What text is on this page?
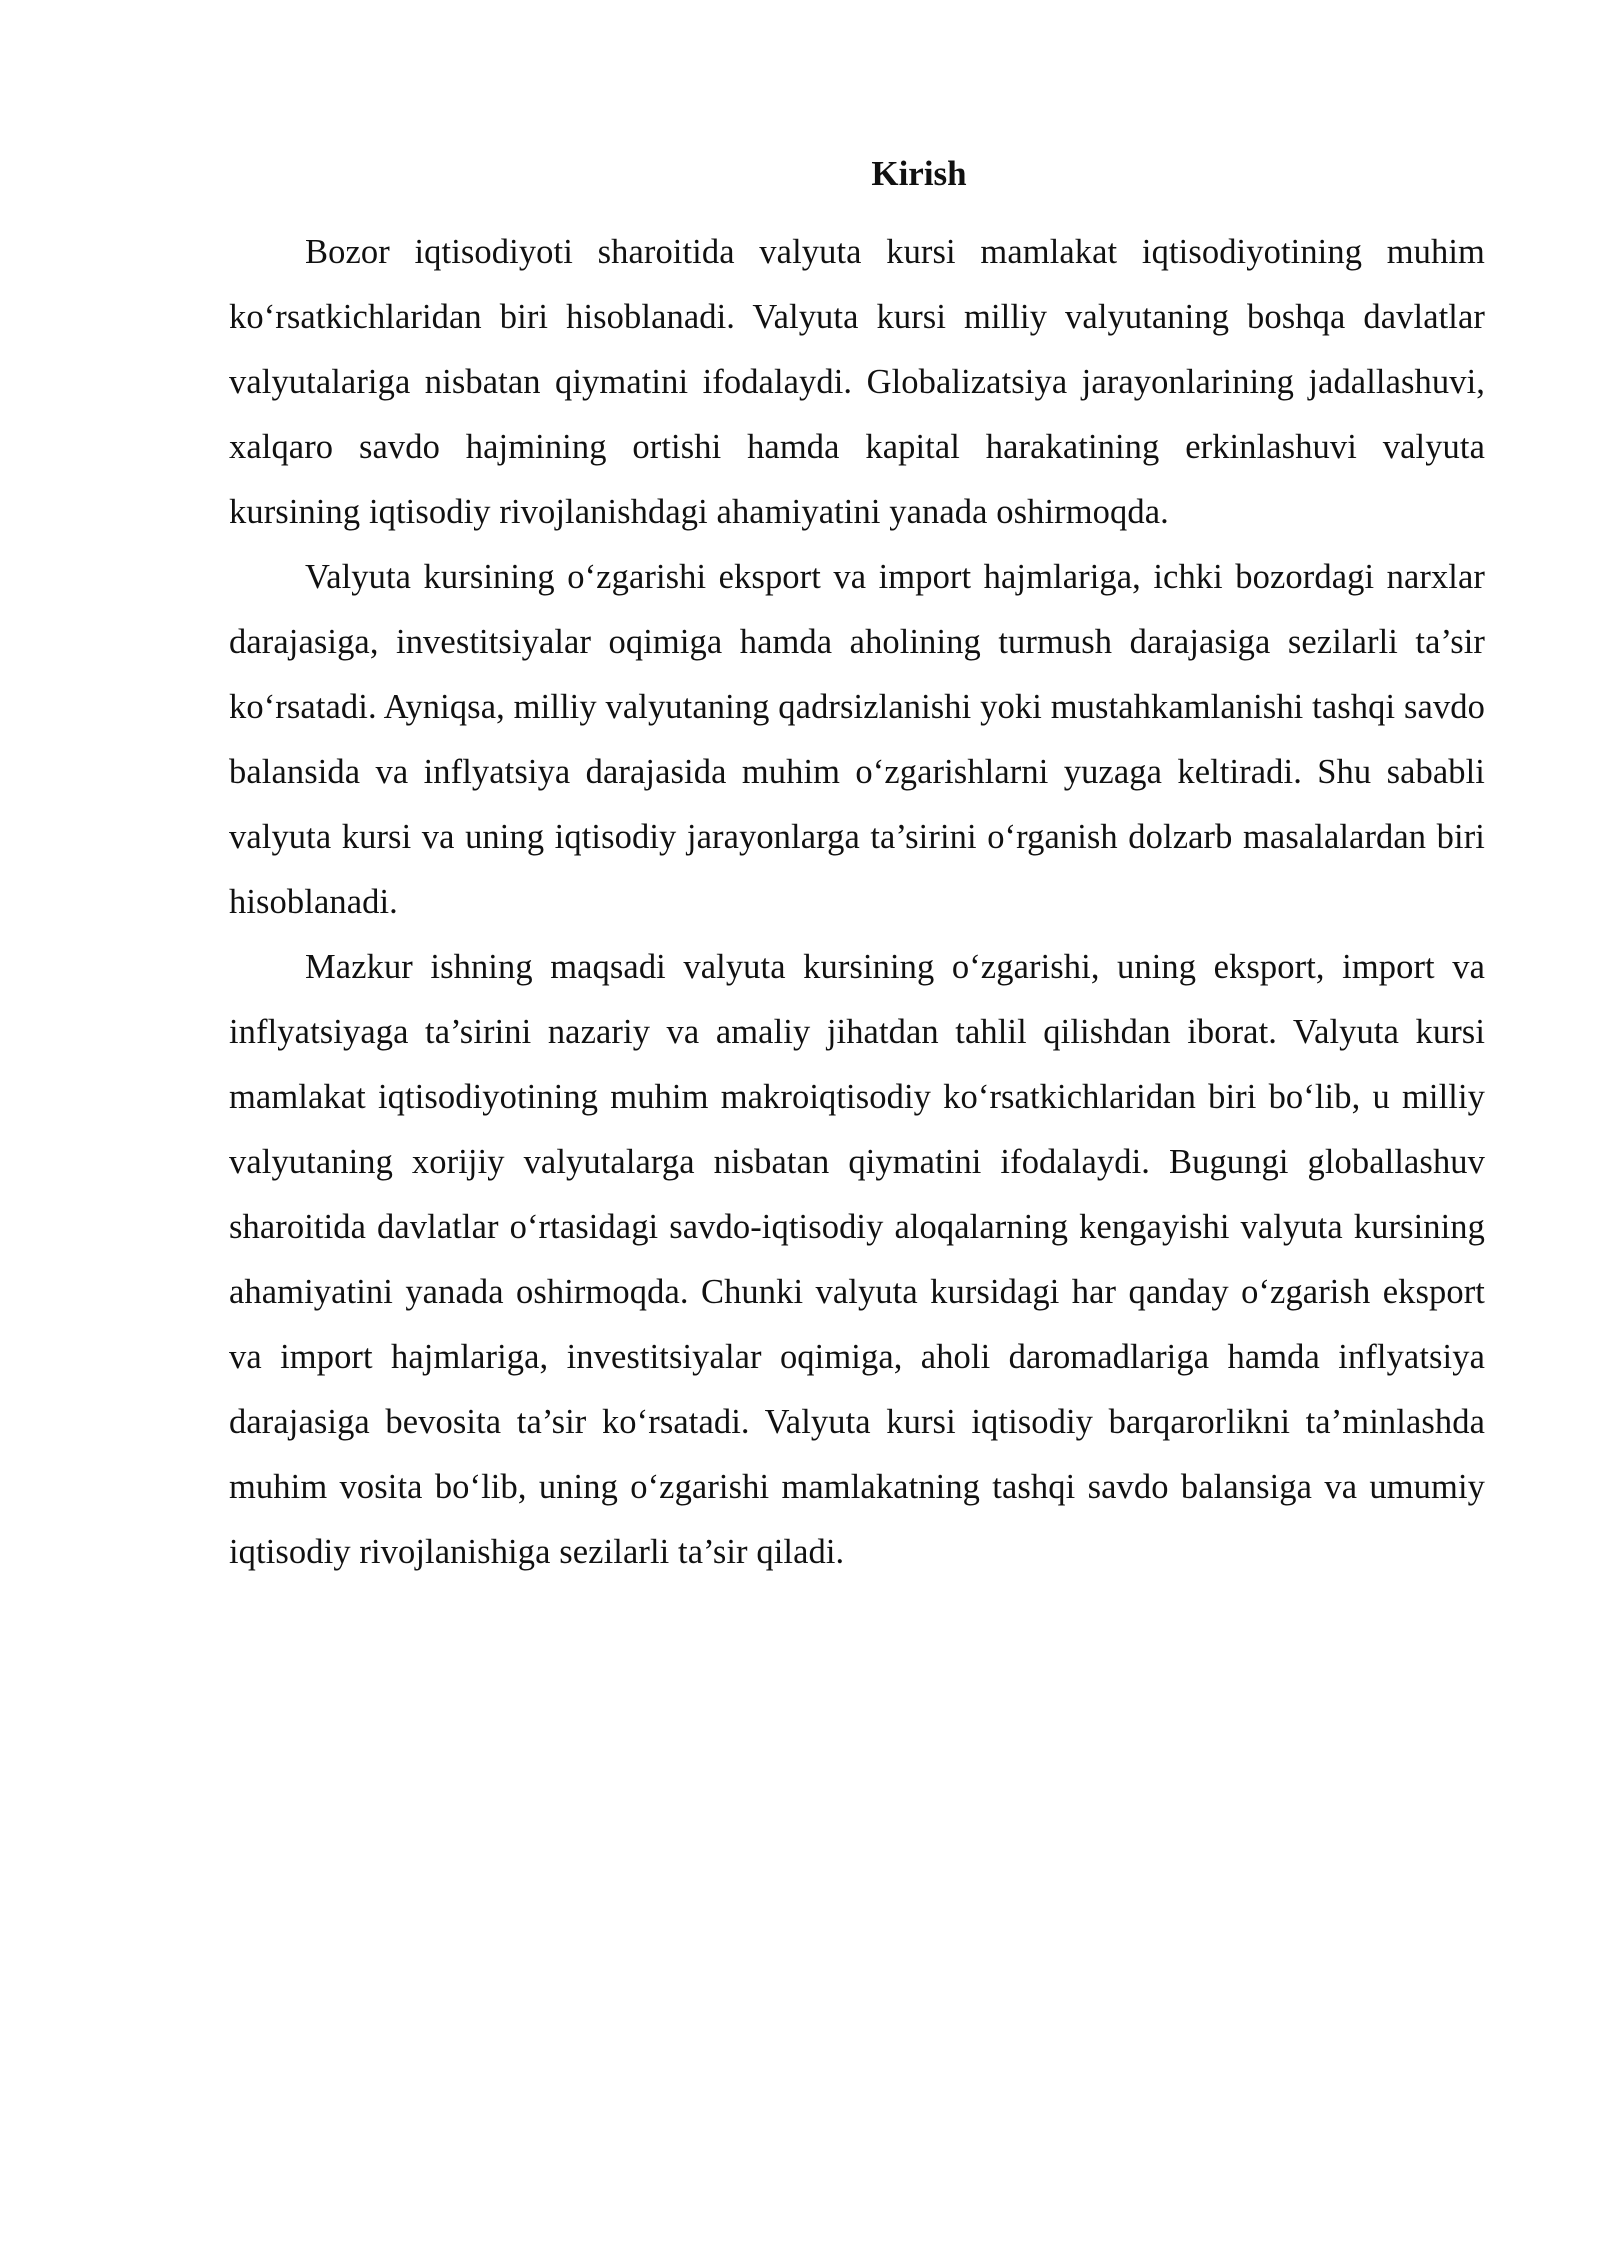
Kirish

Bozor iqtisodiyoti sharoitida valyuta kursi mamlakat iqtisodiyotining muhim ko‘rsatkichlaridan biri hisoblanadi. Valyuta kursi milliy valyutaning boshqa davlatlar valyutalariga nisbatan qiymatini ifodalaydi. Globalizatsiya jarayonlarining jadallashuvi, xalqaro savdo hajmining ortishi hamda kapital harakatining erkinlashuvi valyuta kursining iqtisodiy rivojlanishdagi ahamiyatini yanada oshirmoqda.

Valyuta kursining o‘zgarishi eksport va import hajmlariga, ichki bozordagi narxlar darajasiga, investitsiyalar oqimiga hamda aholining turmush darajasiga sezilarli ta’sir ko‘rsatadi. Ayniqsa, milliy valyutaning qadrsizlanishi yoki mustahkamlanishi tashqi savdo balansida va inflyatsiya darajasida muhim o‘zgarishlarni yuzaga keltiradi. Shu sababli valyuta kursi va uning iqtisodiy jarayonlarga ta’sirini o‘rganish dolzarb masalalardan biri hisoblanadi.

Mazkur ishning maqsadi valyuta kursining o‘zgarishi, uning eksport, import va inflyatsiyaga ta’sirini nazariy va amaliy jihatdan tahlil qilishdan iborat. Valyuta kursi mamlakat iqtisodiyotining muhim makroiqtisodiy ko‘rsatkichlaridan biri bo‘lib, u milliy valyutaning xorijiy valyutalarga nisbatan qiymatini ifodalaydi. Bugungi globallashuv sharoitida davlatlar o‘rtasidagi savdo-iqtisodiy aloqalarning kengayishi valyuta kursining ahamiyatini yanada oshirmoqda. Chunki valyuta kursidagi har qanday o‘zgarish eksport va import hajmlariga, investitsiyalar oqimiga, aholi daromadlariga hamda inflyatsiya darajasiga bevosita ta’sir ko‘rsatadi. Valyuta kursi iqtisodiy barqarorlikni ta’minlashda muhim vosita bo‘lib, uning o‘zgarishi mamlakatning tashqi savdo balansiga va umumiy iqtisodiy rivojlanishiga sezilarli ta’sir qiladi.
